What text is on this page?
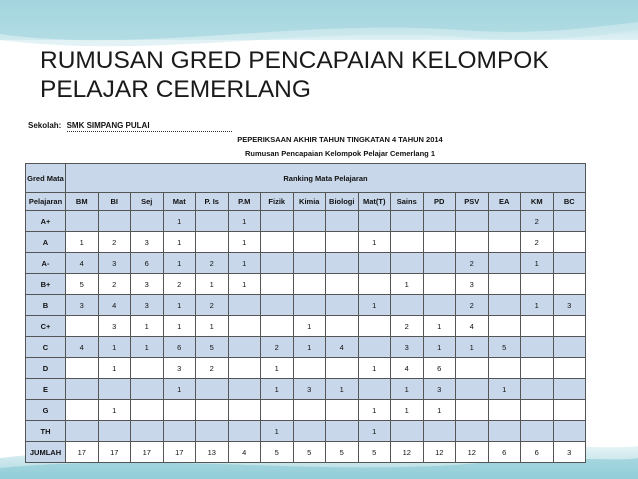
RUMUSAN GRED PENCAPAIAN KELOMPOK
PELAJAR CEMERLANG
Sekolah: SMK SIMPANG PULAI
PEPERIKSAAN AKHIR TAHUN TINGKATAN 4 TAHUN 2014
Rumusan Pencapaian Kelompok Pelajar Cemerlang 1
Gred Mata	Ranking Mata Pelajaran															
Pelajaran	BM	BI	Sej	Mat	P. Is	P.M	Fizik	Kimia	Biologi	Mat(T)	Sains	PD	PSV	EA	KM	BC
A+				1		1									2	
A	1	2	3	1		1				1					2	
A-	4	3	6	1	2	1							2		1	
B+	5	2	3	2	1	1					1		3			
B	3	4	3	1	2					1			2		1	3
C+		3	1	1	1			1			2	1	4			
C	4	1	1	6	5		2	1	4		3	1	1	5		
D		1		3	2		1			1	4	6				
E				1			1	3	1		1	3		1		
G		1								1	1	1				
TH							1			1						
JUMLAH	17	17	17	17	13	4	5	5	5	5	12	12	12	6	6	3
